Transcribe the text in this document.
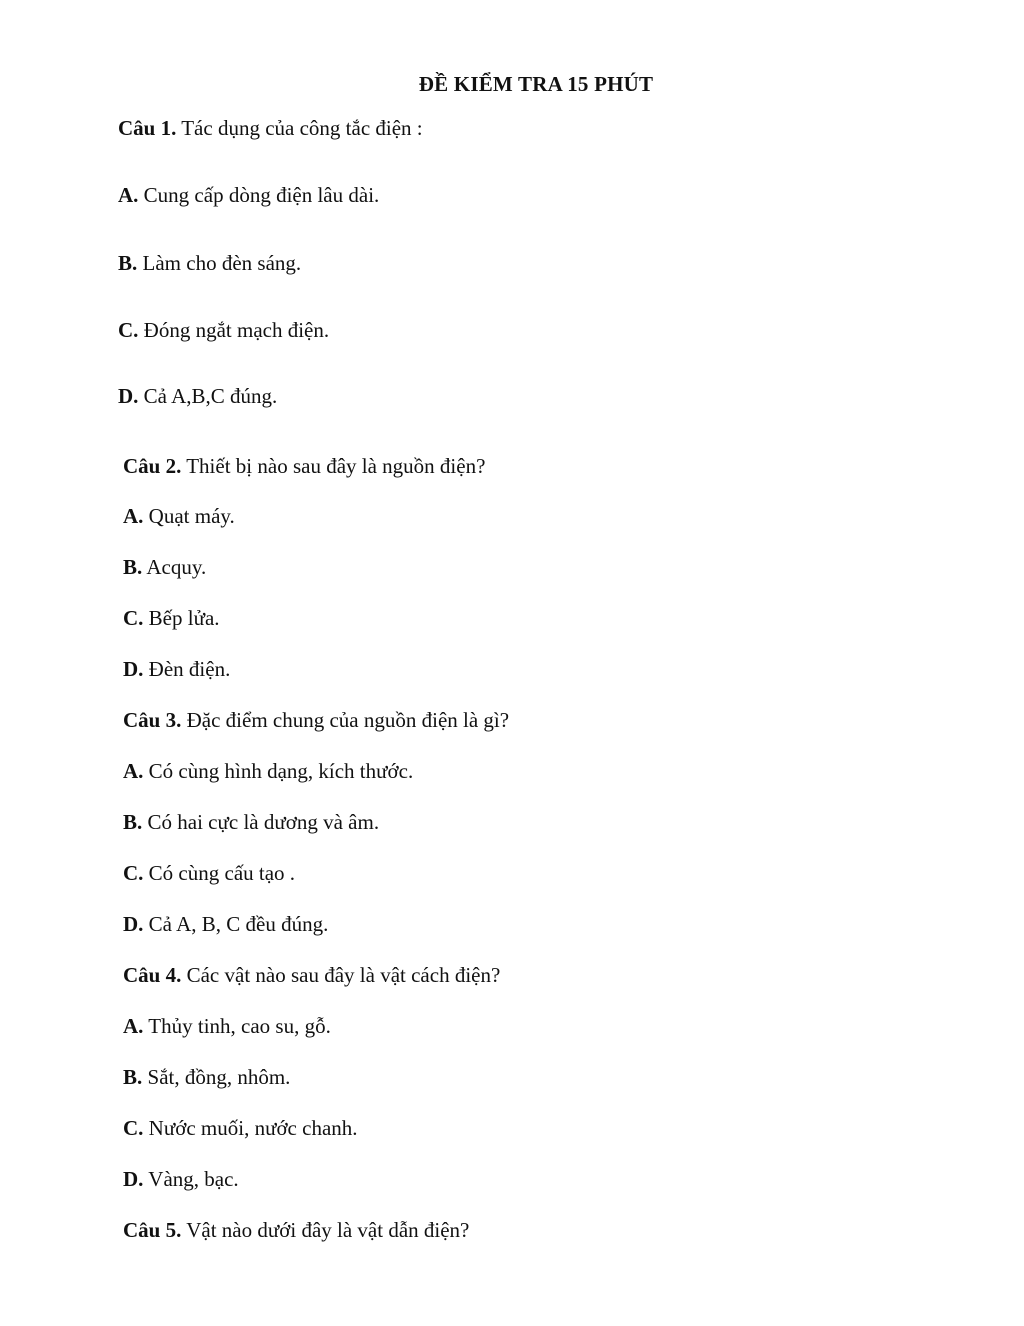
ĐỀ KIỂM TRA 15 PHÚT
Câu 1. Tác dụng của công tắc điện :
A. Cung cấp dòng điện lâu dài.
B. Làm cho đèn sáng.
C. Đóng ngắt mạch điện.
D. Cả A,B,C đúng.
Câu 2. Thiết bị nào sau đây là nguồn điện?
A. Quạt máy.
B. Acquy.
C. Bếp lửa.
D. Đèn điện.
Câu 3. Đặc điểm chung của nguồn điện là gì?
A. Có cùng hình dạng, kích thước.
B. Có hai cực là dương và âm.
C. Có cùng cấu tạo .
D. Cả A, B, C đều đúng.
Câu 4. Các vật nào sau đây là vật cách điện?
A. Thủy tinh, cao su, gỗ.
B. Sắt, đồng, nhôm.
C. Nước muối, nước chanh.
D. Vàng, bạc.
Câu 5. Vật nào dưới đây là vật dẫn điện?
